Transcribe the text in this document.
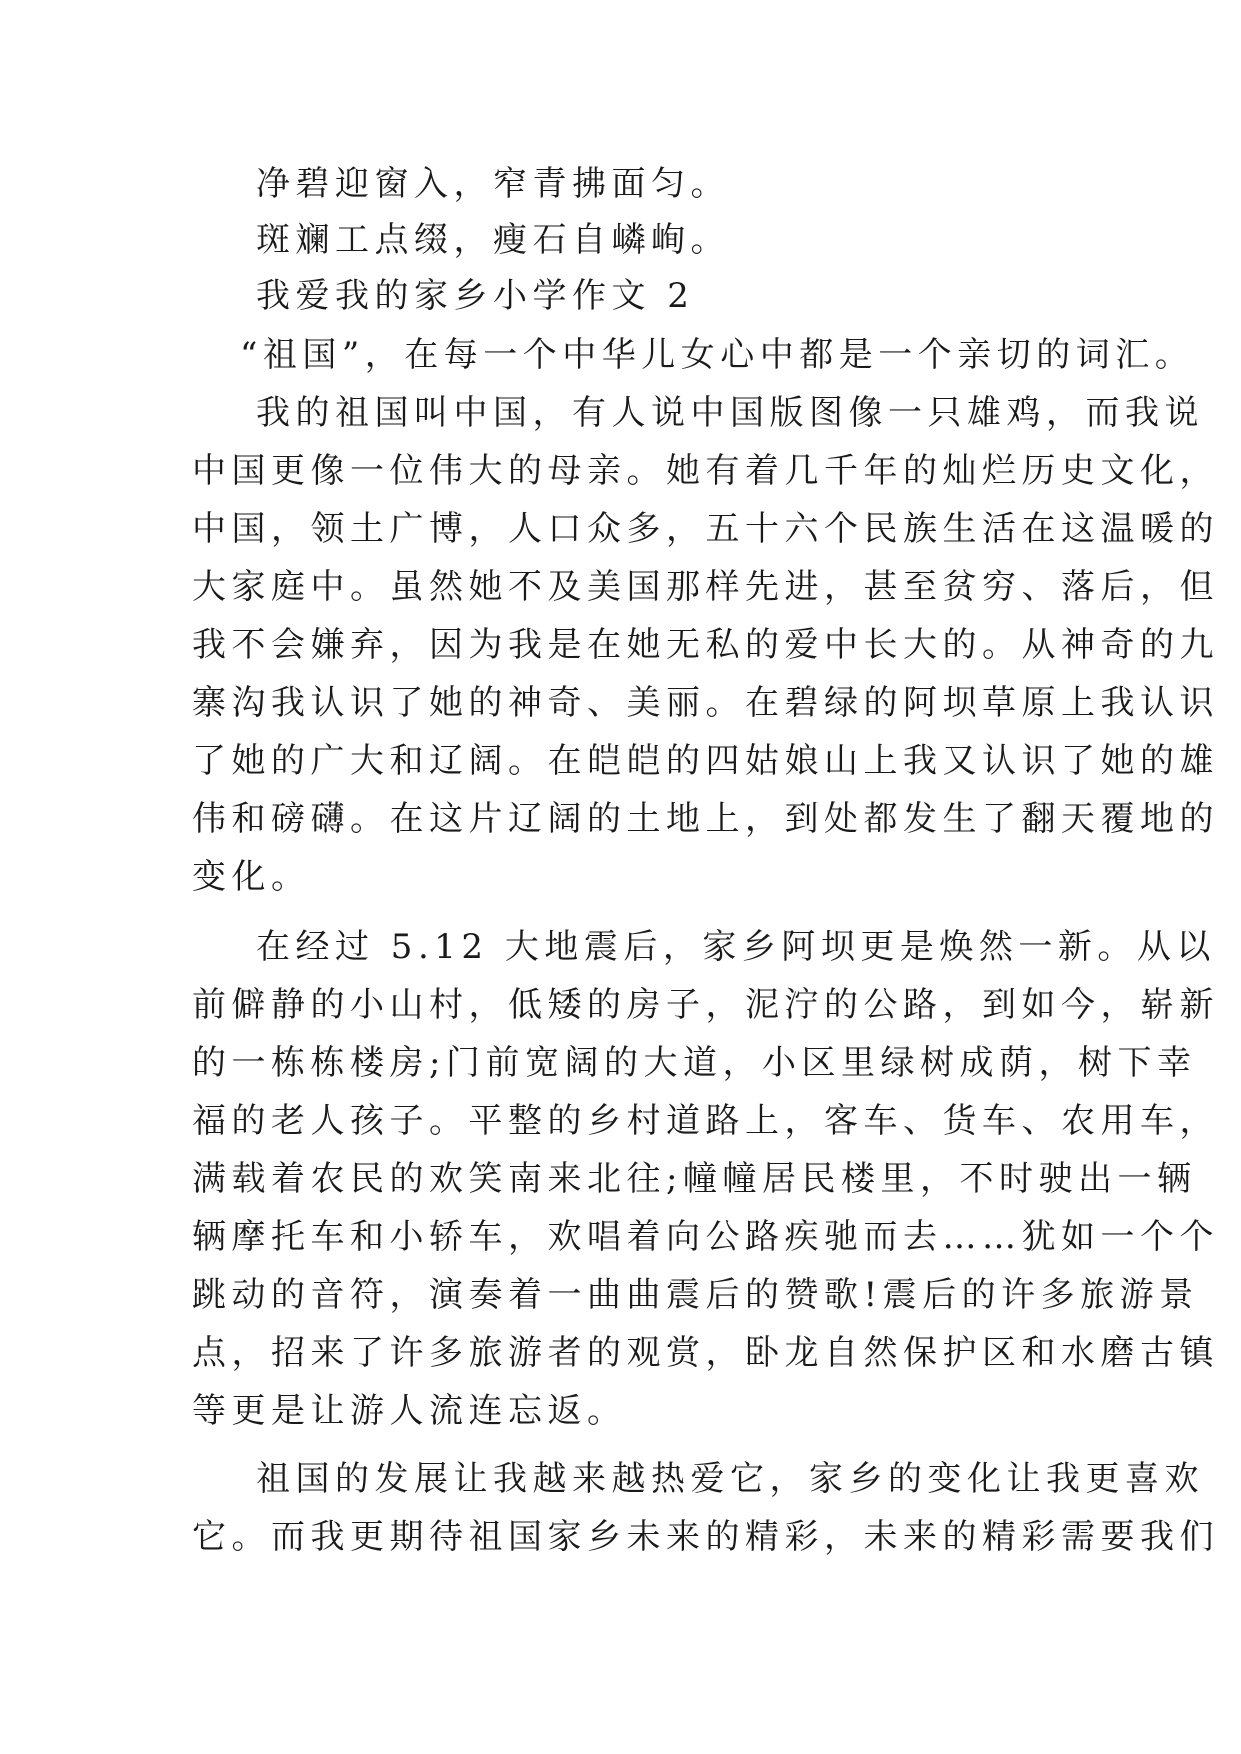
净碧迎窗入，窄青拂面匀。

斑斓工点缀，瘦石自嶙峋。

我爱我的家乡小学作文 2

“祖国”，在每一个中华儿女心中都是一个亲切的词汇。

我的祖国叫中国，有人说中国版图像一只雄鸡，而我说

中国更像一位伟大的母亲。她有着几千年的灿烂历史文化，

中国，领土广博，人口众多，五十六个民族生活在这温暖的

大家庭中。虽然她不及美国那样先进，甚至贫穷、落后，但

我不会嫌弃，因为我是在她无私的爱中长大的。从神奇的九

寨沟我认识了她的神奇、美丽。在碧绿的阿坝草原上我认识

了她的广大和辽阔。在皑皑的四姑娘山上我又认识了她的雄

伟和磅礴。在这片辽阔的土地上，到处都发生了翻天覆地的

变化。

在经过 5.12 大地震后，家乡阿坝更是焕然一新。从以

前僻静的小山村，低矮的房子，泥泞的公路，到如今，崭新

的一栋栋楼房;门前宽阔的大道，小区里绿树成荫，树下幸

福的老人孩子。平整的乡村道路上，客车、货车、农用车，

满载着农民的欢笑南来北往;幢幢居民楼里，不时驶出一辆

辆摩托车和小轿车，欢唱着向公路疾驰而去……犹如一个个

跳动的音符，演奏着一曲曲震后的赞歌!震后的许多旅游景

点，招来了许多旅游者的观赏，卧龙自然保护区和水磨古镇

等更是让游人流连忘返。

祖国的发展让我越来越热爱它，家乡的变化让我更喜欢

它。而我更期待祖国家乡未来的精彩，未来的精彩需要我们
